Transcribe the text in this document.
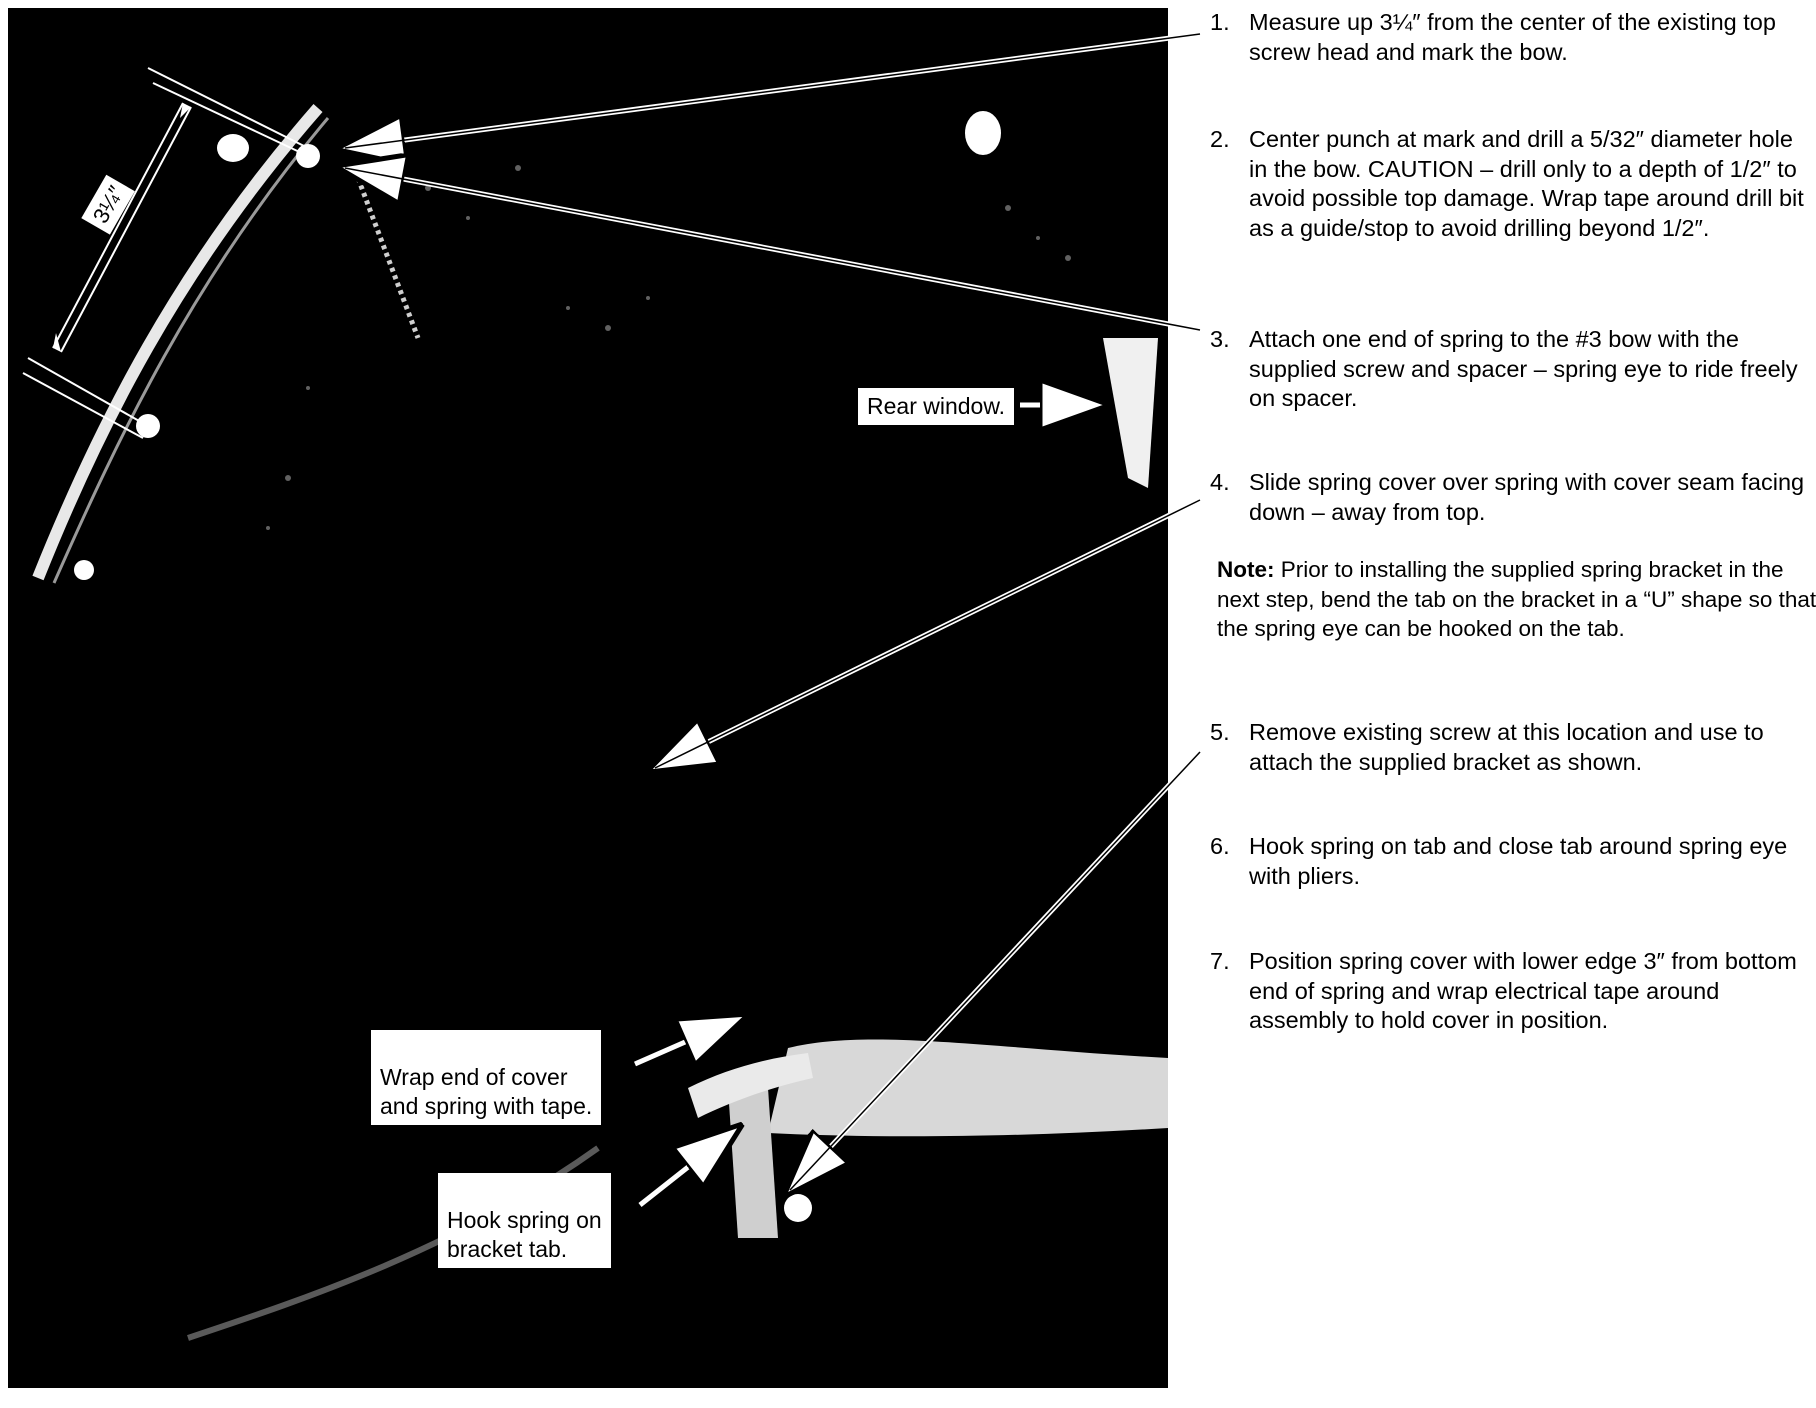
3¼″
Rear window.

Wrap end of cover
and spring with tape.

Hook spring on
bracket tab.

1. Measure up 3¼″ from the center of the existing top screw head and mark the bow.
2. Center punch at mark and drill a 5/32″ diameter hole in the bow. CAUTION – drill only to a depth of 1/2″ to avoid possible top damage. Wrap tape around drill bit as a guide/stop to avoid drilling beyond 1/2″.
3. Attach one end of spring to the #3 bow with the supplied screw and spacer – spring eye to ride freely on spacer.
4. Slide spring cover over spring with cover seam facing down – away from top.
Note: Prior to installing the supplied spring bracket in the next step, bend the tab on the bracket in a “U” shape so that the spring eye can be hooked on the tab.
5. Remove existing screw at this location and use to attach the supplied bracket as shown.
6. Hook spring on tab and close tab around spring eye with pliers.
7. Position spring cover with lower edge 3″ from bottom end of spring and wrap electrical tape around assembly to hold cover in position.
